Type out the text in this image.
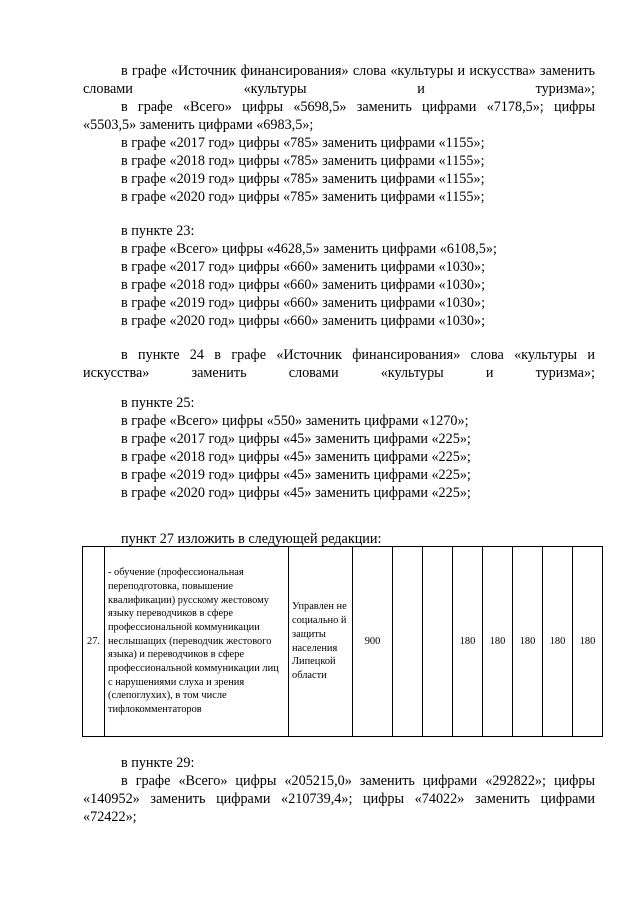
в графе «Источник финансирования» слова «культуры и искусства» заменить словами «культуры и туризма»;

в графе «Всего» цифры «5698,5» заменить цифрами «7178,5»; цифры «5503,5» заменить цифрами «6983,5»;

в графе «2017 год» цифры «785» заменить цифрами «1155»;

в графе «2018 год» цифры «785» заменить цифрами «1155»;

в графе «2019 год» цифры «785» заменить цифрами «1155»;

в графе «2020 год» цифры «785» заменить цифрами «1155»;

в пункте 23:

в графе «Всего» цифры «4628,5» заменить цифрами «6108,5»;

в графе «2017 год» цифры «660» заменить цифрами «1030»;

в графе «2018 год» цифры «660» заменить цифрами «1030»;

в графе «2019 год» цифры «660» заменить цифрами «1030»;

в графе «2020 год» цифры «660» заменить цифрами «1030»;

в пункте 24 в графе «Источник финансирования» слова «культуры и искусства» заменить словами «культуры и туризма»;

в пункте 25:

в графе «Всего» цифры «550» заменить цифрами «1270»;

в графе «2017 год» цифры «45» заменить цифрами «225»;

в графе «2018 год» цифры «45» заменить цифрами «225»;

в графе «2019 год» цифры «45» заменить цифрами «225»;

в графе «2020 год» цифры «45» заменить цифрами «225»;

пункт 27 изложить в следующей редакции:

27.	- обучение (профессиональная переподготовка, повышение квалификации) русскому жестовому языку переводчиков в сфере профессиональной коммуникации неслышащих (переводчик жестового языка) и переводчиков в сфере профессиональной коммуникации лиц с нарушениями слуха и зрения (слепоглухих), в том числе тифлокомментаторов	Управлен не социально й защиты населения Липецкой области	900			180	180	180	180	180

в пункте 29:

в графе «Всего» цифры «205215,0» заменить цифрами «292822»; цифры «140952» заменить цифрами «210739,4»; цифры «74022» заменить цифрами «72422»;
